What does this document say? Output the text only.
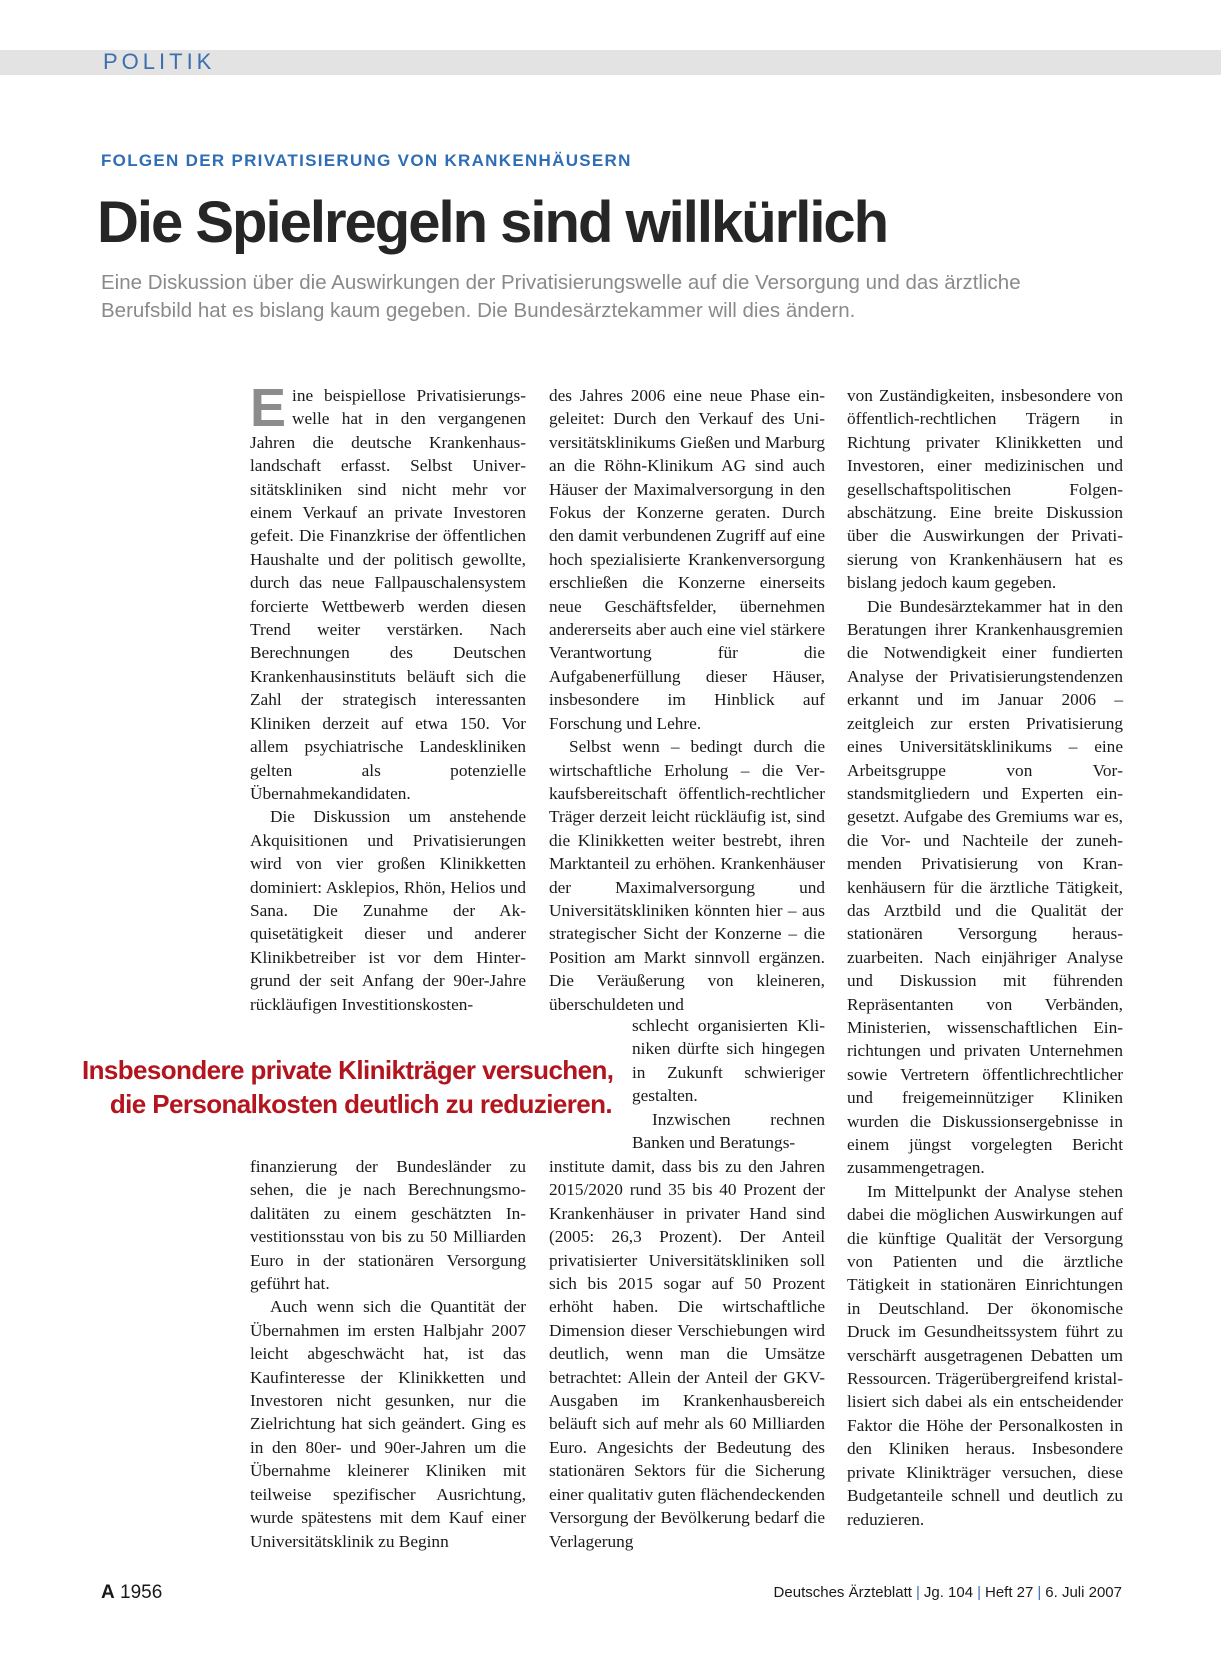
POLITIK
FOLGEN DER PRIVATISIERUNG VON KRANKENHÄUSERN
Die Spielregeln sind willkürlich
Eine Diskussion über die Auswirkungen der Privatisierungswelle auf die Versorgung und das ärztliche Berufsbild hat es bislang kaum gegeben. Die Bundesärztekammer will dies ändern.

Eine beispiellose Privatisierungswelle hat in den vergangenen Jahren die deutsche Krankenhauslandschaft erfasst. Selbst Universitätskliniken sind nicht mehr vor einem Verkauf an private Investoren gefeit. Die Finanzkrise der öffentlichen Haushalte und der politisch gewollte, durch das neue Fallpauschalensystem forcierte Wettbewerb werden diesen Trend weiter verstärken. Nach Berechnungen des Deutschen Krankenhausinstituts beläuft sich die Zahl der strategisch interessanten Kliniken derzeit auf etwa 150. Vor allem psychiatrische Landeskliniken gelten als potenzielle Übernahmekandidaten.

Die Diskussion um anstehende Akquisitionen und Privatisierungen wird von vier großen Klinikketten dominiert: Asklepios, Rhön, Helios und Sana. Die Zunahme der Akquisetätigkeit dieser und anderer Klinikbetreiber ist vor dem Hintergrund der seit Anfang der 90er-Jahre rückläufigen Investitionskosten-

Insbesondere private Klinikträger versuchen,
die Personalkosten deutlich zu reduzieren.

finanzierung der Bundesländer zu sehen, die je nach Berechnungsmodalitäten zu einem geschätzten Investitionsstau von bis zu 50 Milliarden Euro in der stationären Versorgung geführt hat.

Auch wenn sich die Quantität der Übernahmen im ersten Halbjahr 2007 leicht abgeschwächt hat, ist das Kaufinteresse der Klinikketten und Investoren nicht gesunken, nur die Zielrichtung hat sich geändert. Ging es in den 80er- und 90er-Jahren um die Übernahme kleinerer Kliniken mit teilweise spezifischer Ausrichtung, wurde spätestens mit dem Kauf einer Universitätsklinik zu Beginn

des Jahres 2006 eine neue Phase eingeleitet: Durch den Verkauf des Universitätsklinikums Gießen und Marburg an die Röhn-Klinikum AG sind auch Häuser der Maximalversorgung in den Fokus der Konzerne geraten. Durch den damit verbundenen Zugriff auf eine hoch spezialisierte Krankenversorgung erschließen die Konzerne einerseits neue Geschäftsfelder, übernehmen andererseits aber auch eine viel stärkere Verantwortung für die Aufgabenerfüllung dieser Häuser, insbesondere im Hinblick auf Forschung und Lehre.

Selbst wenn – bedingt durch die wirtschaftliche Erholung – die Verkaufsbereitschaft öffentlich-rechtlicher Träger derzeit leicht rückläufig ist, sind die Klinikketten weiter bestrebt, ihren Marktanteil zu erhöhen. Krankenhäuser der Maximalversorgung und Universitätskliniken könnten hier – aus strategischer Sicht der Konzerne – die Position am Markt sinnvoll ergänzen. Die Veräußerung von kleineren, überschuldeten und

schlecht organisierten Kliniken dürfte sich hingegen in Zukunft schwieriger gestalten.

Inzwischen rechnen Banken und Beratungs-

institute damit, dass bis zu den Jahren 2015/2020 rund 35 bis 40 Prozent der Krankenhäuser in privater Hand sind (2005: 26,3 Prozent). Der Anteil privatisierter Universitätskliniken soll sich bis 2015 sogar auf 50 Prozent erhöht haben. Die wirtschaftliche Dimension dieser Verschiebungen wird deutlich, wenn man die Umsätze betrachtet: Allein der Anteil der GKV-Ausgaben im Krankenhausbereich beläuft sich auf mehr als 60 Milliarden Euro. Angesichts der Bedeutung des stationären Sektors für die Sicherung einer qualitativ guten flächendeckenden Versorgung der Bevölkerung bedarf die Verlagerung

von Zuständigkeiten, insbesondere von öffentlich-rechtlichen Trägern in Richtung privater Klinikketten und Investoren, einer medizinischen und gesellschaftspolitischen Folgenabschätzung. Eine breite Diskussion über die Auswirkungen der Privatisierung von Krankenhäusern hat es bislang jedoch kaum gegeben.

Die Bundesärztekammer hat in den Beratungen ihrer Krankenhausgremien die Notwendigkeit einer fundierten Analyse der Privatisierungstendenzen erkannt und im Januar 2006 – zeitgleich zur ersten Privatisierung eines Universitätsklinikums – eine Arbeitsgruppe von Vorstandsmitgliedern und Experten eingesetzt. Aufgabe des Gremiums war es, die Vor- und Nachteile der zunehmenden Privatisierung von Krankenhäusern für die ärztliche Tätigkeit, das Arztbild und die Qualität der stationären Versorgung herauszuarbeiten. Nach einjähriger Analyse und Diskussion mit führenden Repräsentanten von Verbänden, Ministerien, wissenschaftlichen Einrichtungen und privaten Unternehmen sowie Vertretern öffentlichrechtlicher und freigemeinnütziger Kliniken wurden die Diskussionsergebnisse in einem jüngst vorgelegten Bericht zusammengetragen.

Im Mittelpunkt der Analyse stehen dabei die möglichen Auswirkungen auf die künftige Qualität der Versorgung von Patienten und die ärztliche Tätigkeit in stationären Einrichtungen in Deutschland. Der ökonomische Druck im Gesundheitssystem führt zu verschärft ausgetragenen Debatten um Ressourcen. Trägerübergreifend kristallisiert sich dabei als ein entscheidender Faktor die Höhe der Personalkosten in den Kliniken heraus. Insbesondere private Klinikträger versuchen, diese Budgetanteile schnell und deutlich zu reduzieren.

A 1956	Deutsches Ärzteblatt | Jg. 104 | Heft 27 | 6. Juli 2007
